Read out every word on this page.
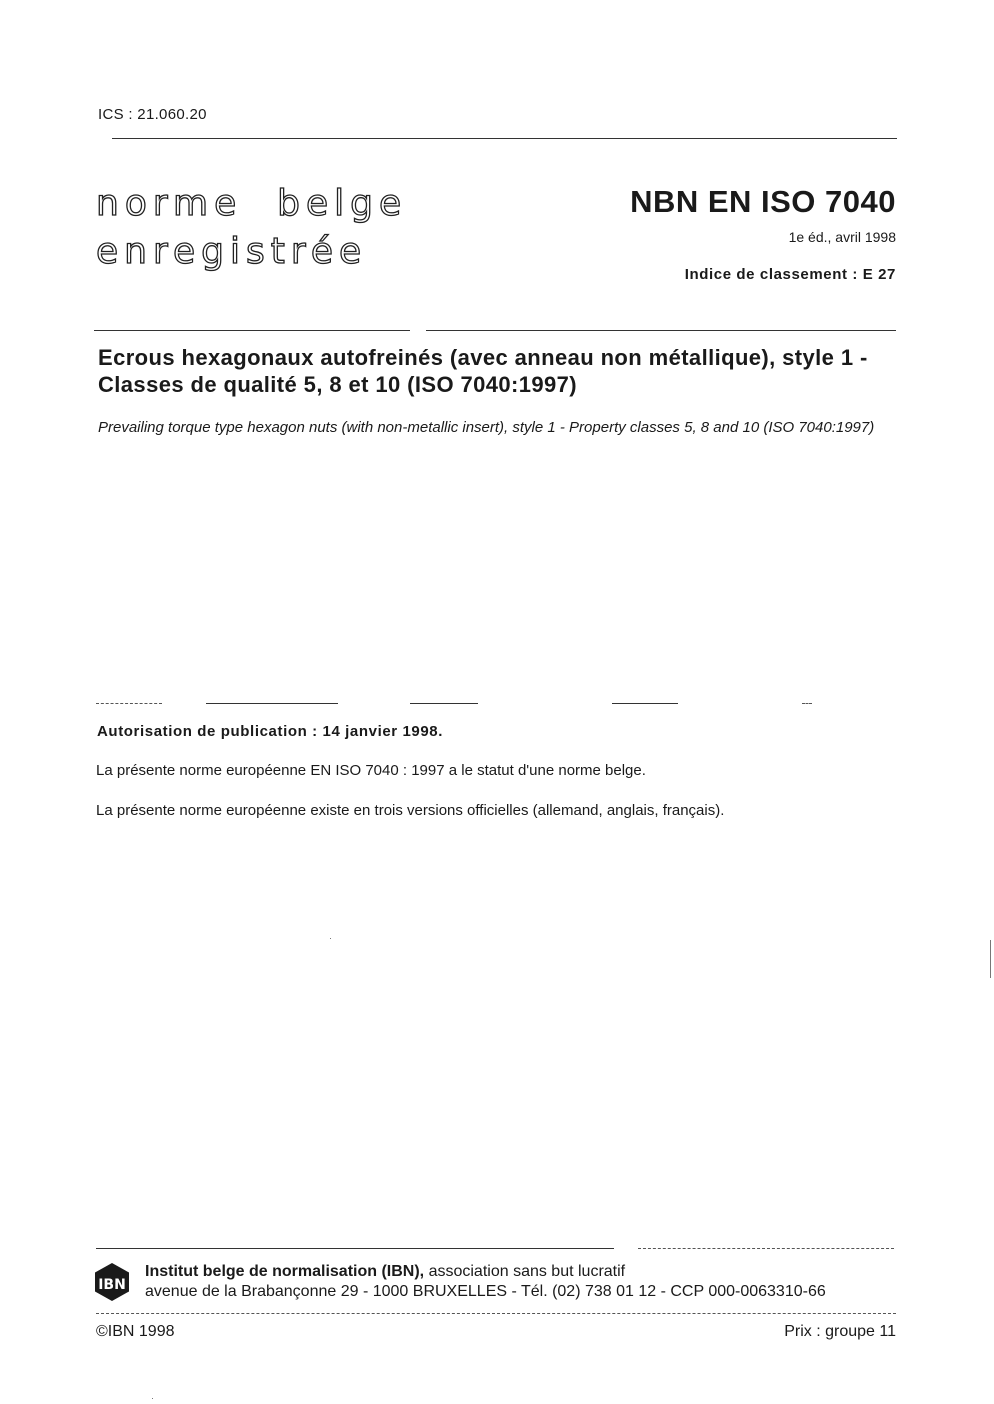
ICS : 21.060.20
norme  belge
enregistrée
NBN EN ISO 7040
1e éd., avril 1998
Indice de classement : E 27
Ecrous hexagonaux autofreinés (avec anneau non métallique), style 1 - Classes de qualité 5, 8 et 10 (ISO 7040:1997)
Prevailing torque type hexagon nuts (with non-metallic insert), style 1 - Property classes 5, 8 and 10 (ISO 7040:1997)
Autorisation de publication : 14 janvier 1998.
La présente norme européenne EN ISO 7040 : 1997 a le statut d'une norme belge.
La présente norme européenne existe en trois versions officielles (allemand, anglais, français).
IBN
Institut belge de normalisation (IBN), association sans but lucratif
avenue de la Brabançonne 29 - 1000 BRUXELLES - Tél. (02) 738 01 12 - CCP 000-0063310-66
©IBN 1998	Prix : groupe 11
